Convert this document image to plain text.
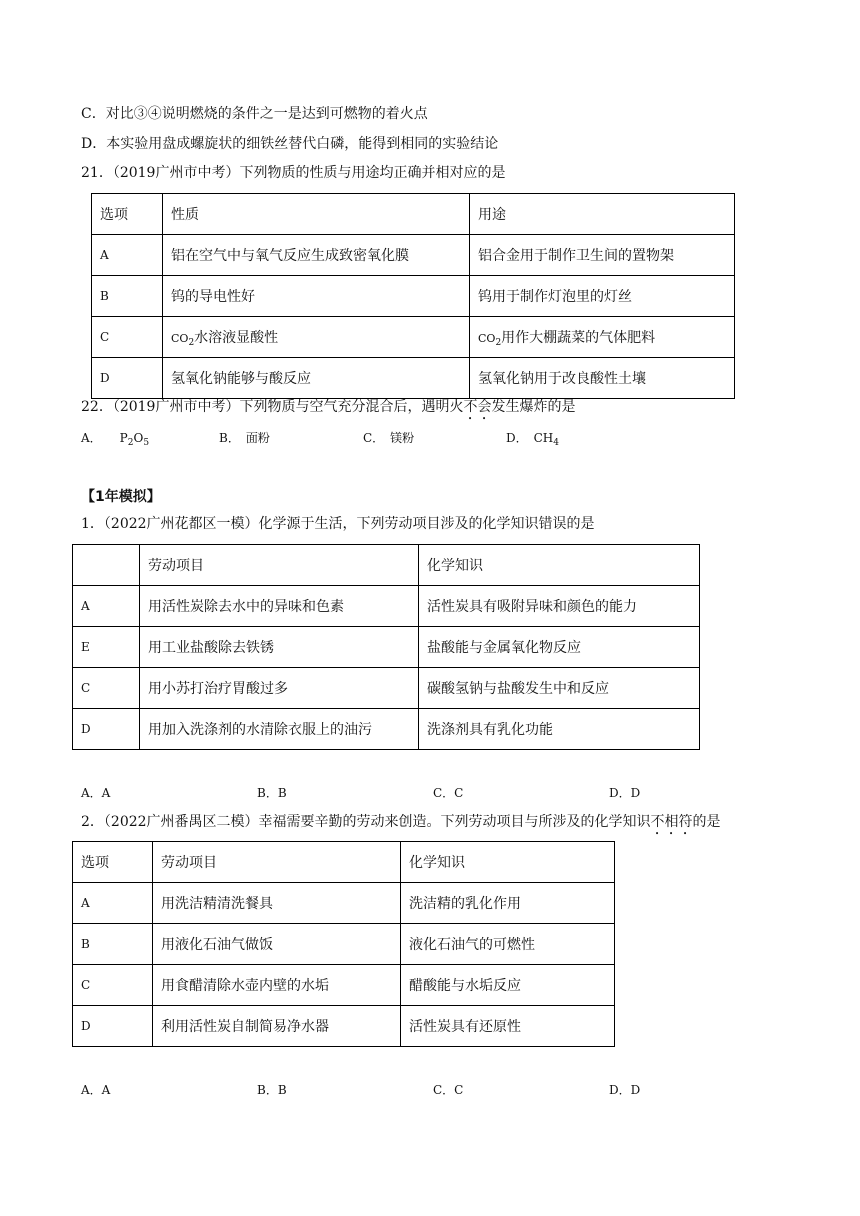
C．对比③④说明燃烧的条件之一是达到可燃物的着火点
D．本实验用盘成螺旋状的细铁丝替代白磷，能得到相同的实验结论
21．（2019广州市中考）下列物质的性质与用途均正确并相对应的是
选项	性质	用途
A	铝在空气中与氧气反应生成致密氧化膜	铝合金用于制作卫生间的置物架
B	钨的导电性好	钨用于制作灯泡里的灯丝
C	$CO_2$水溶液显酸性	$CO_2$用作大棚蔬菜的气体肥料
D	氢氧化钠能够与酸反应	氢氧化钠用于改良酸性土壤
22．（2019广州市中考）下列物质与空气充分混合后，遇明火不会发生爆炸的是
A． $P_2O_5$	B．　面粉	C．　镁粉	D．　$CH_4$
【1年模拟】
1．（2022广州花都区一模）化学源于生活，下列劳动项目涉及的化学知识错误的是
	劳动项目	化学知识
A	用活性炭除去水中的异味和色素	活性炭具有吸附异味和颜色的能力
E	用工业盐酸除去铁锈	盐酸能与金属氧化物反应
C	用小苏打治疗胃酸过多	碳酸氢钠与盐酸发生中和反应
D	用加入洗涤剂的水清除衣服上的油污	洗涤剂具有乳化功能
A．A	B．B	C．C	D．D
2．（2022广州番禺区二模）幸福需要辛勤的劳动来创造。下列劳动项目与所涉及的化学知识不相符的是
选项	劳动项目	化学知识
A	用洗洁精清洗餐具	洗洁精的乳化作用
B	用液化石油气做饭	液化石油气的可燃性
C	用食醋清除水壶内壁的水垢	醋酸能与水垢反应
D	利用活性炭自制简易净水器	活性炭具有还原性
A．A	B．B	C．C	D．D
